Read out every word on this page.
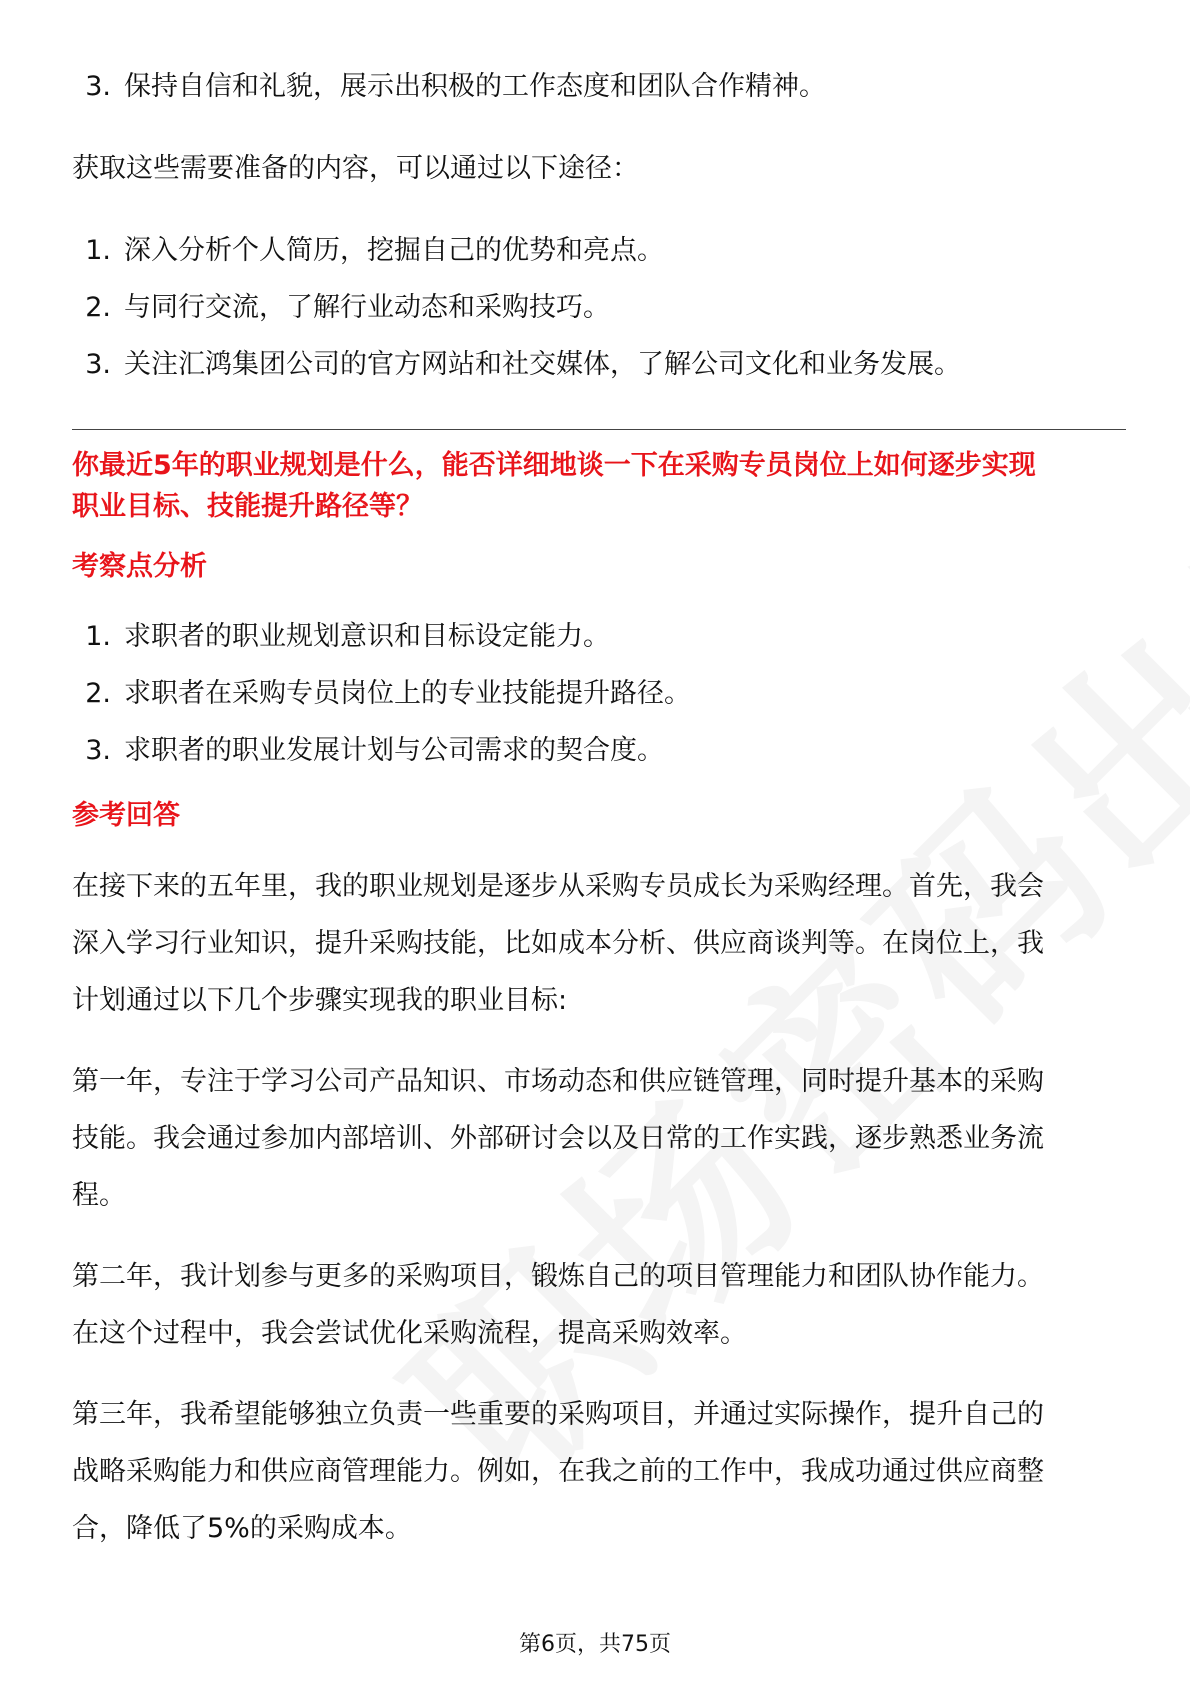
3. 保持自信和礼貌，展示出积极的工作态度和团队合作精神。

获取这些需要准备的内容，可以通过以下途径：

1. 深入分析个人简历，挖掘自己的优势和亮点。
2. 与同行交流，了解行业动态和采购技巧。
3. 关注汇鸿集团公司的官方网站和社交媒体，了解公司文化和业务发展。
你最近5年的职业规划是什么，能否详细地谈一下在采购专员岗位上如何逐步实现
职业目标、技能提升路径等？

考察点分析

1. 求职者的职业规划意识和目标设定能力。
2. 求职者在采购专员岗位上的专业技能提升路径。
3. 求职者的职业发展计划与公司需求的契合度。

参考回答

在接下来的五年里，我的职业规划是逐步从采购专员成长为采购经理。首先，我会
深入学习行业知识，提升采购技能，比如成本分析、供应商谈判等。在岗位上，我
计划通过以下几个步骤实现我的职业目标:
第一年，专注于学习公司产品知识、市场动态和供应链管理，同时提升基本的采购
技能。我会通过参加内部培训、外部研讨会以及日常的工作实践，逐步熟悉业务流
程。
第二年，我计划参与更多的采购项目，锻炼自己的项目管理能力和团队协作能力。
在这个过程中，我会尝试优化采购流程，提高采购效率。
第三年，我希望能够独立负责一些重要的采购项目，并通过实际操作，提升自己的
战略采购能力和供应商管理能力。例如，在我之前的工作中，我成功通过供应商整
合，降低了5%的采购成本。
第6页，共75页
